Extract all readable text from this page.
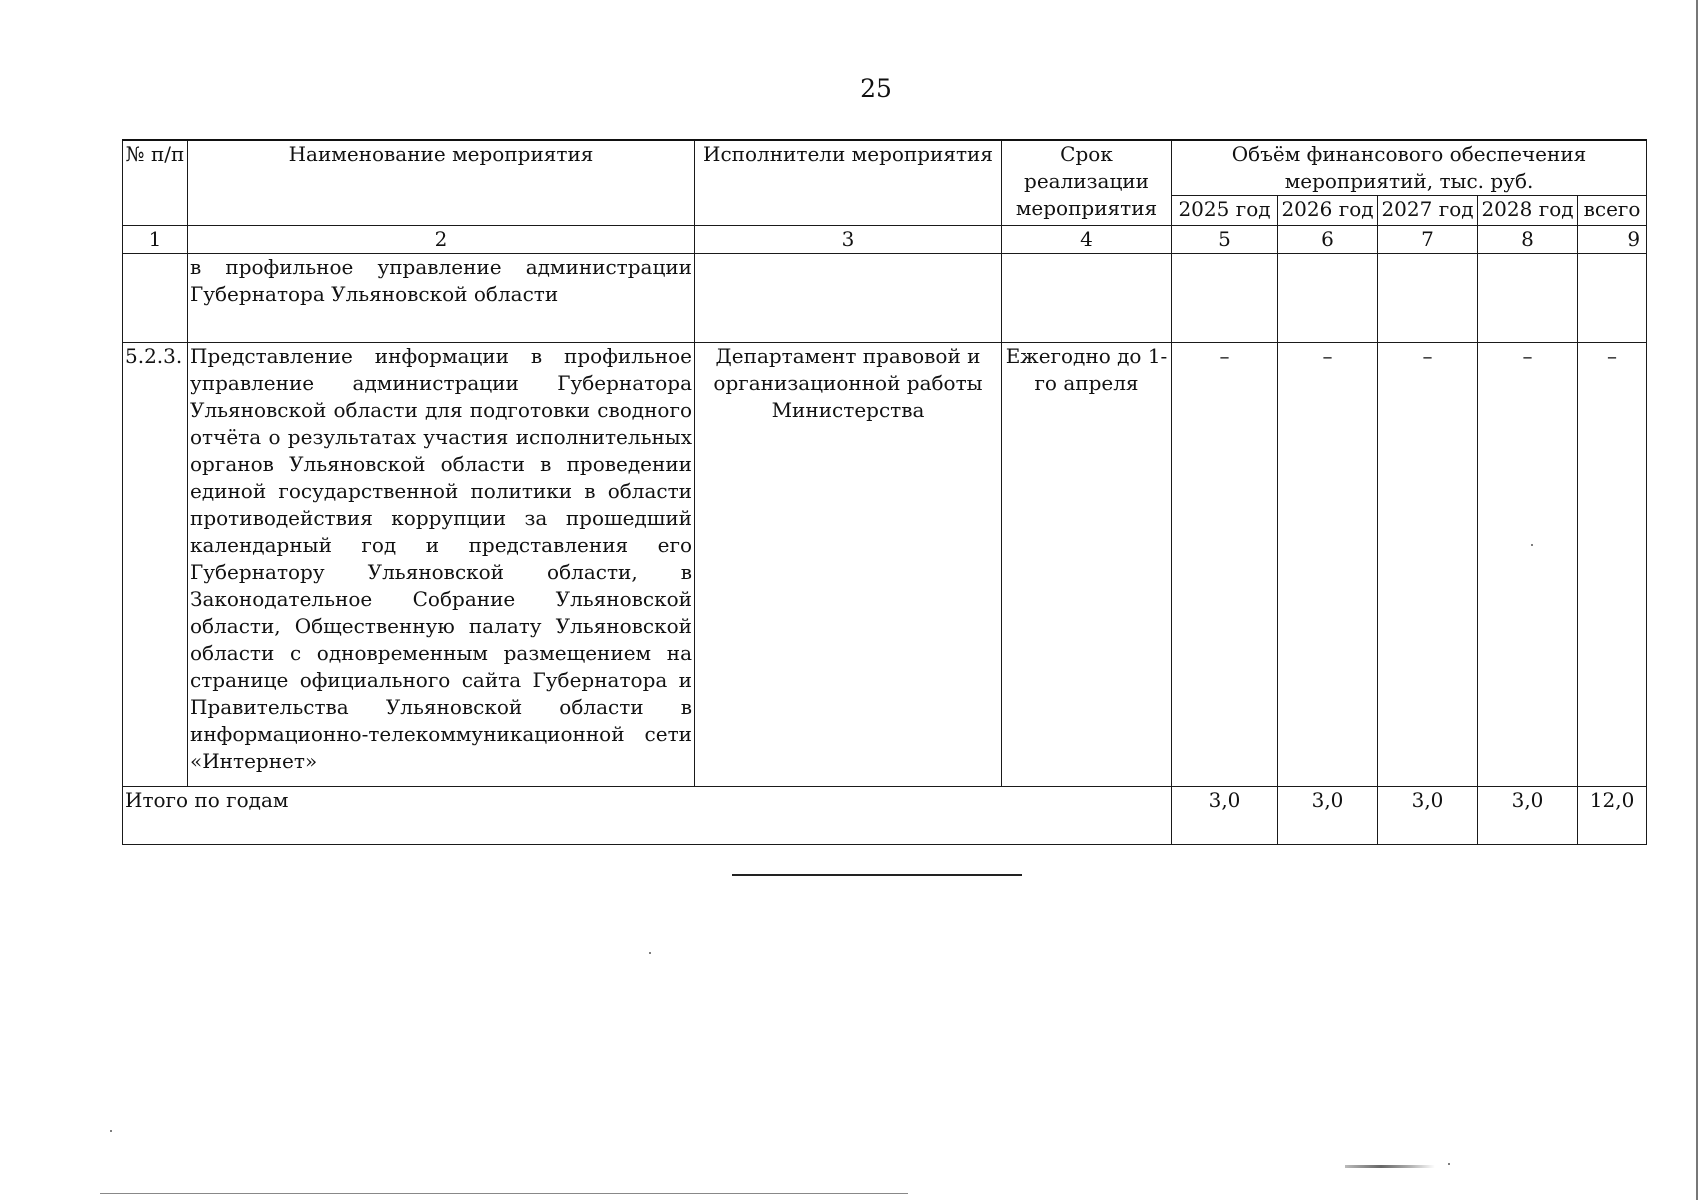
25
№ п/п	Наименование мероприятия	Исполнители мероприятия	Срок реализации мероприятия	Объём финансового обеспечения мероприятий, тыс. руб.				
				2025 год	2026 год	2027 год	2028 год	всего
1	2	3	4	5	6	7	8	9
	в профильное управление администрации Губернатора Ульяновской области							
5.2.3.	Представление информации в профильное управление администрации Губернатора Ульяновской области для подготовки сводного отчёта о результатах участия исполнительных органов Ульяновской области в проведении единой государственной политики в области противодействия коррупции за прошедший календарный год и представления его Губернатору Ульяновской области, в Законодательное Собрание Ульяновской области, Общественную палату Ульяновской области с одновременным размещением на странице официального сайта Губернатора и Правительства Ульяновской области в информационно-телекоммуникационной сети «Интернет»	Департамент правовой и организационной работы Министерства	Ежегодно до 1-го апреля	–	–	–	–	–
Итого по годам				3,0	3,0	3,0	3,0	12,0
